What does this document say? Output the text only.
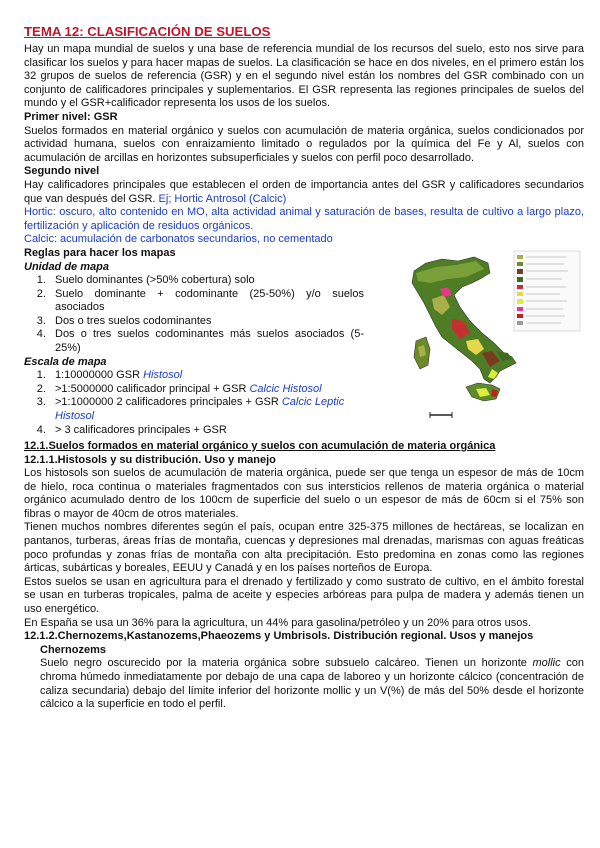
TEMA 12: CLASIFICACIÓN DE SUELOS

Hay un mapa mundial de suelos y una base de referencia mundial de los recursos del suelo, esto nos sirve para clasificar los suelos y para hacer mapas de suelos. La clasificación se hace en dos niveles, en el primero están los 32 grupos de suelos de referencia (GSR) y en el segundo nivel están los nombres del GSR combinado con un conjunto de calificadores principales y suplementarios. El GSR representa las regiones principales de suelos del mundo y el GSR+calificador representa los usos de los suelos.

Primer nivel: GSR

Suelos formados en material orgánico y suelos con acumulación de materia orgánica, suelos condicionados por actividad humana, suelos con enraizamiento limitado o regulados por la química del Fe y Al, suelos con acumulación de arcillas en horizontes subsuperficiales y suelos con perfil poco desarrollado.

Segundo nivel

Hay calificadores principales que establecen el orden de importancia antes del GSR y calificadores secundarios que van después del GSR. Ej; Hortic Antrosol (Calcic)

Hortic: oscuro, alto contenido en MO, alta actividad animal y saturación de bases, resulta de cultivo a largo plazo, fertilización y aplicación de residuos orgánicos.

Calcic: acumulación de carbonatos secundarios, no cementado

Reglas para hacer los mapas

Unidad de mapa

1. Suelo dominantes (>50% cobertura) solo
2. Suelo dominante + codominante (25-50%) y/o suelos asociados
3. Dos o tres suelos codominantes
4. Dos o tres suelos codominantes más suelos asociados (5-25%)

Escala de mapa

1. 1:10000000 GSR Histosol
2. >1:5000000 calificador principal + GSR Calcic Histosol
3. >1:1000000 2 calificadores principales + GSR Calcic Leptic Histosol
4. > 3 calificadores principales + GSR

12.1.Suelos formados en material orgánico y suelos con acumulación de materia orgánica

12.1.1.Histosols y su distribución. Uso y manejo

Los histosols son suelos de acumulación de materia orgánica, puede ser que tenga un espesor de más de 10cm de hielo, roca continua o materiales fragmentados con sus intersticios rellenos de materia orgánica o material orgánico acumulado dentro de los 100cm de superficie del suelo o un espesor de más de 60cm si el 75% son fibras o mayor de 40cm de otros materiales.

Tienen muchos nombres diferentes según el país, ocupan entre 325-375 millones de hectáreas, se localizan en pantanos, turberas, áreas frías de montaña, cuencas y depresiones mal drenadas, marismas con aguas freáticas poco profundas y zonas frías de montaña con alta precipitación. Esto predomina en zonas como las regiones árticas, subárticas y boreales, EEUU y Canadá y en los países norteños de Europa.

Estos suelos se usan en agricultura para el drenado y fertilizado y como sustrato de cultivo, en el ámbito forestal se usan en turberas tropicales, palma de aceite y especies arbóreas para pulpa de madera y además tienen un uso energético.

En España se usa un 36% para la agricultura, un 44% para gasolina/petróleo y un 20% para otros usos.

12.1.2.Chernozems,Kastanozems,Phaeozems y Umbrisols. Distribución regional. Usos y manejos

Chernozems

Suelo negro oscurecido por la materia orgánica sobre subsuelo calcáreo. Tienen un horizonte mollic con chroma húmedo inmediatamente por debajo de una capa de laboreo y un horizonte cálcico (concentración de caliza secundaria) debajo del límite inferior del horizonte mollic y un V(%) de más del 50% desde el horizonte cálcico a la superficie en todo el perfil.
